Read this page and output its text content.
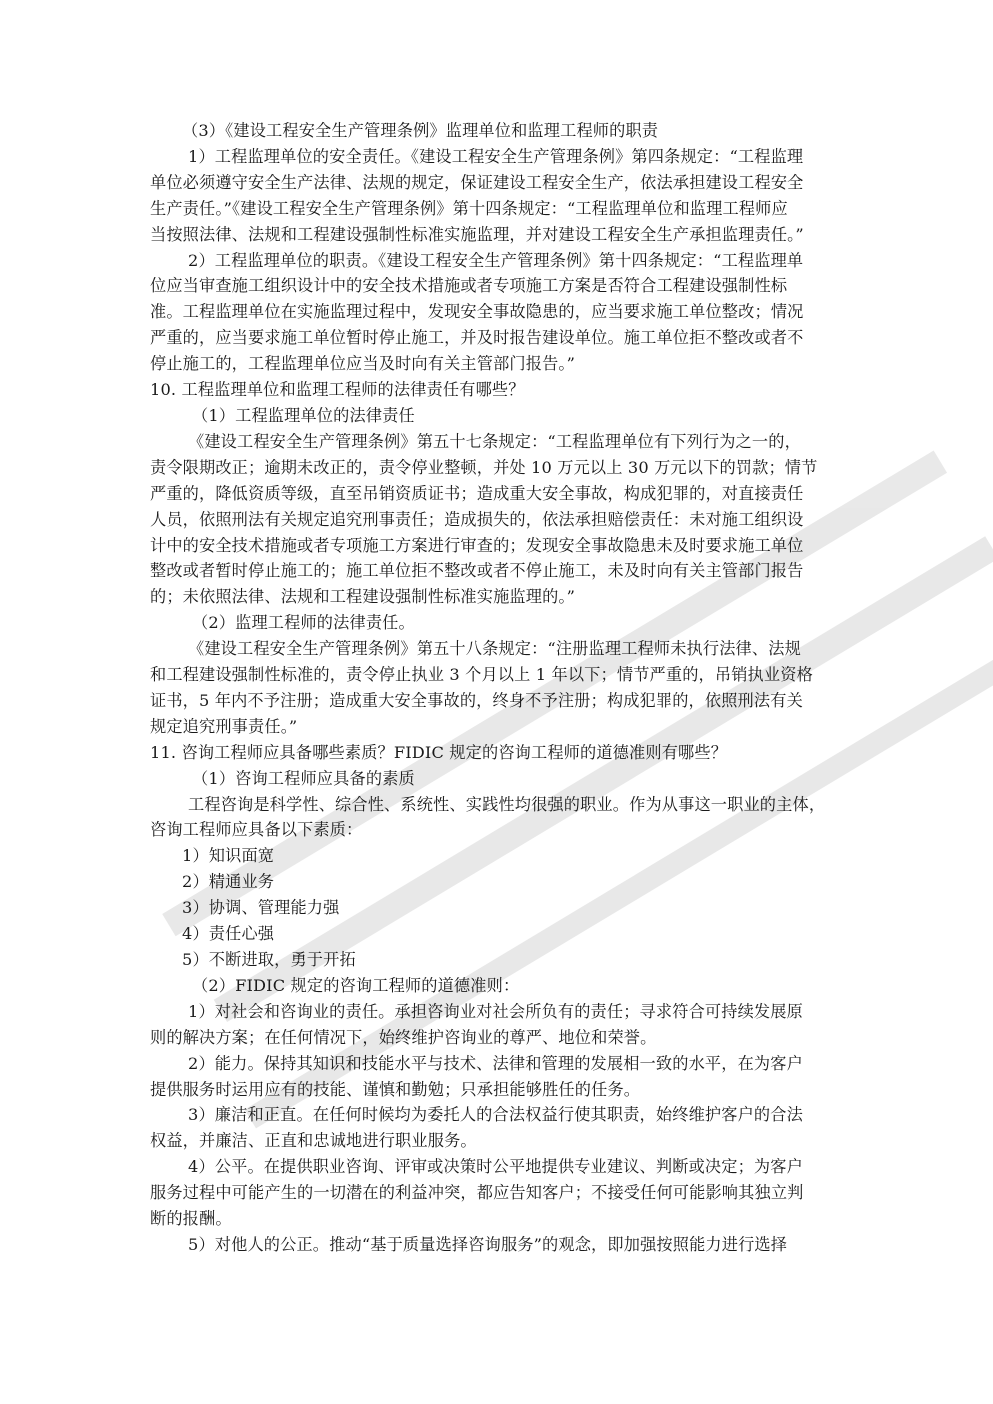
（3）《建设工程安全生产管理条例》监理单位和监理工程师的职责
1）工程监理单位的安全责任。《建设工程安全生产管理条例》第四条规定：“工程监理
单位必须遵守安全生产法律、法规的规定，保证建设工程安全生产，依法承担建设工程安全
生产责任。”《建设工程安全生产管理条例》第十四条规定：“工程监理单位和监理工程师应
当按照法律、法规和工程建设强制性标准实施监理，并对建设工程安全生产承担监理责任。”
2）工程监理单位的职责。《建设工程安全生产管理条例》第十四条规定：“工程监理单
位应当审查施工组织设计中的安全技术措施或者专项施工方案是否符合工程建设强制性标
准。工程监理单位在实施监理过程中，发现安全事故隐患的，应当要求施工单位整改；情况
严重的，应当要求施工单位暂时停止施工，并及时报告建设单位。施工单位拒不整改或者不
停止施工的，工程监理单位应当及时向有关主管部门报告。”
10. 工程监理单位和监理工程师的法律责任有哪些？
（1）工程监理单位的法律责任
《建设工程安全生产管理条例》第五十七条规定：“工程监理单位有下列行为之一的，
责令限期改正；逾期未改正的，责令停业整顿，并处 10 万元以上 30 万元以下的罚款；情节
严重的，降低资质等级，直至吊销资质证书；造成重大安全事故，构成犯罪的，对直接责任
人员，依照刑法有关规定追究刑事责任；造成损失的，依法承担赔偿责任：未对施工组织设
计中的安全技术措施或者专项施工方案进行审查的；发现安全事故隐患未及时要求施工单位
整改或者暂时停止施工的；施工单位拒不整改或者不停止施工，未及时向有关主管部门报告
的；未依照法律、法规和工程建设强制性标准实施监理的。”
（2）监理工程师的法律责任。
《建设工程安全生产管理条例》第五十八条规定：“注册监理工程师未执行法律、法规
和工程建设强制性标准的，责令停止执业 3 个月以上 1 年以下；情节严重的，吊销执业资格
证书，5 年内不予注册；造成重大安全事故的，终身不予注册；构成犯罪的，依照刑法有关
规定追究刑事责任。”
11. 咨询工程师应具备哪些素质？FIDIC 规定的咨询工程师的道德准则有哪些？
（1）咨询工程师应具备的素质
工程咨询是科学性、综合性、系统性、实践性均很强的职业。作为从事这一职业的主体，
咨询工程师应具备以下素质：
1）知识面宽
2）精通业务
3）协调、管理能力强
4）责任心强
5）不断进取，勇于开拓
（2）FIDIC 规定的咨询工程师的道德准则：
1）对社会和咨询业的责任。承担咨询业对社会所负有的责任；寻求符合可持续发展原
则的解决方案；在任何情况下，始终维护咨询业的尊严、地位和荣誉。
2）能力。保持其知识和技能水平与技术、法律和管理的发展相一致的水平，在为客户
提供服务时运用应有的技能、谨慎和勤勉；只承担能够胜任的任务。
3）廉洁和正直。在任何时候均为委托人的合法权益行使其职责，始终维护客户的合法
权益，并廉洁、正直和忠诚地进行职业服务。
4）公平。在提供职业咨询、评审或决策时公平地提供专业建议、判断或决定；为客户
服务过程中可能产生的一切潜在的利益冲突，都应告知客户；不接受任何可能影响其独立判
断的报酬。
5）对他人的公正。推动“基于质量选择咨询服务”的观念，即加强按照能力进行选择
